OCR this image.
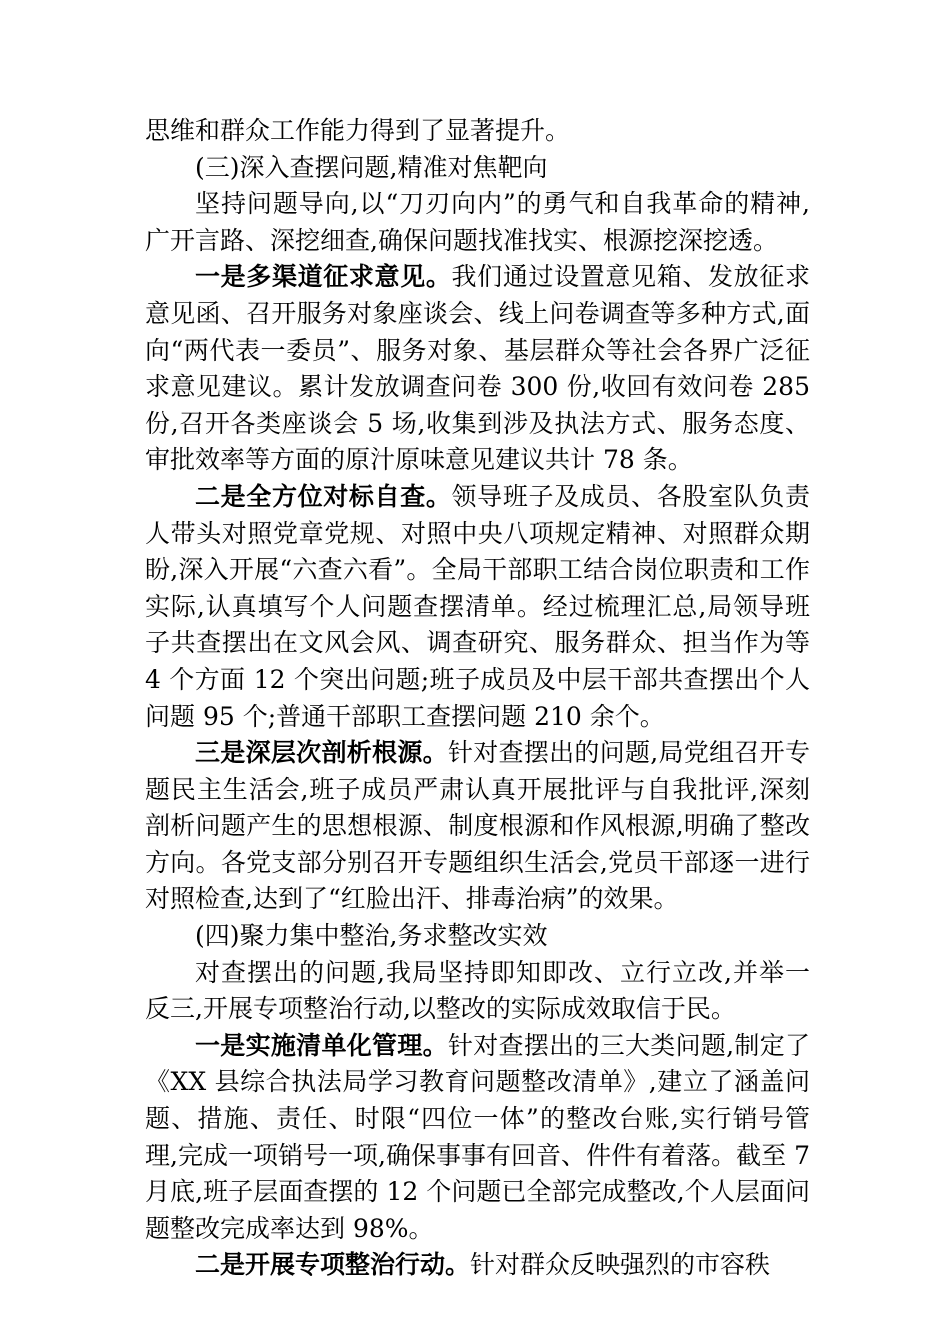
思维和群众工作能力得到了显著提升。

(三)深入查摆问题,精准对焦靶向

坚持问题导向,以“刀刃向内”的勇气和自我革命的精神,广开言路、深挖细查,确保问题找准找实、根源挖深挖透。

一是多渠道征求意见。我们通过设置意见箱、发放征求意见函、召开服务对象座谈会、线上问卷调查等多种方式,面向“两代表一委员”、服务对象、基层群众等社会各界广泛征求意见建议。累计发放调查问卷 300 份,收回有效问卷 285 份,召开各类座谈会 5 场,收集到涉及执法方式、服务态度、审批效率等方面的原汁原味意见建议共计 78 条。

二是全方位对标自查。领导班子及成员、各股室队负责人带头对照党章党规、对照中央八项规定精神、对照群众期盼,深入开展“六查六看”。全局干部职工结合岗位职责和工作实际,认真填写个人问题查摆清单。经过梳理汇总,局领导班子共查摆出在文风会风、调查研究、服务群众、担当作为等 4 个方面 12 个突出问题;班子成员及中层干部共查摆出个人问题 95 个;普通干部职工查摆问题 210 余个。

三是深层次剖析根源。针对查摆出的问题,局党组召开专题民主生活会,班子成员严肃认真开展批评与自我批评,深刻剖析问题产生的思想根源、制度根源和作风根源,明确了整改方向。各党支部分别召开专题组织生活会,党员干部逐一进行对照检查,达到了“红脸出汗、排毒治病”的效果。

(四)聚力集中整治,务求整改实效

对查摆出的问题,我局坚持即知即改、立行立改,并举一反三,开展专项整治行动,以整改的实际成效取信于民。

一是实施清单化管理。针对查摆出的三大类问题,制定了《XX 县综合执法局学习教育问题整改清单》,建立了涵盖问题、措施、责任、时限“四位一体”的整改台账,实行销号管理,完成一项销号一项,确保事事有回音、件件有着落。截至 7 月底,班子层面查摆的 12 个问题已全部完成整改,个人层面问题整改完成率达到 98%。

二是开展专项整治行动。针对群众反映强烈的市容秩
